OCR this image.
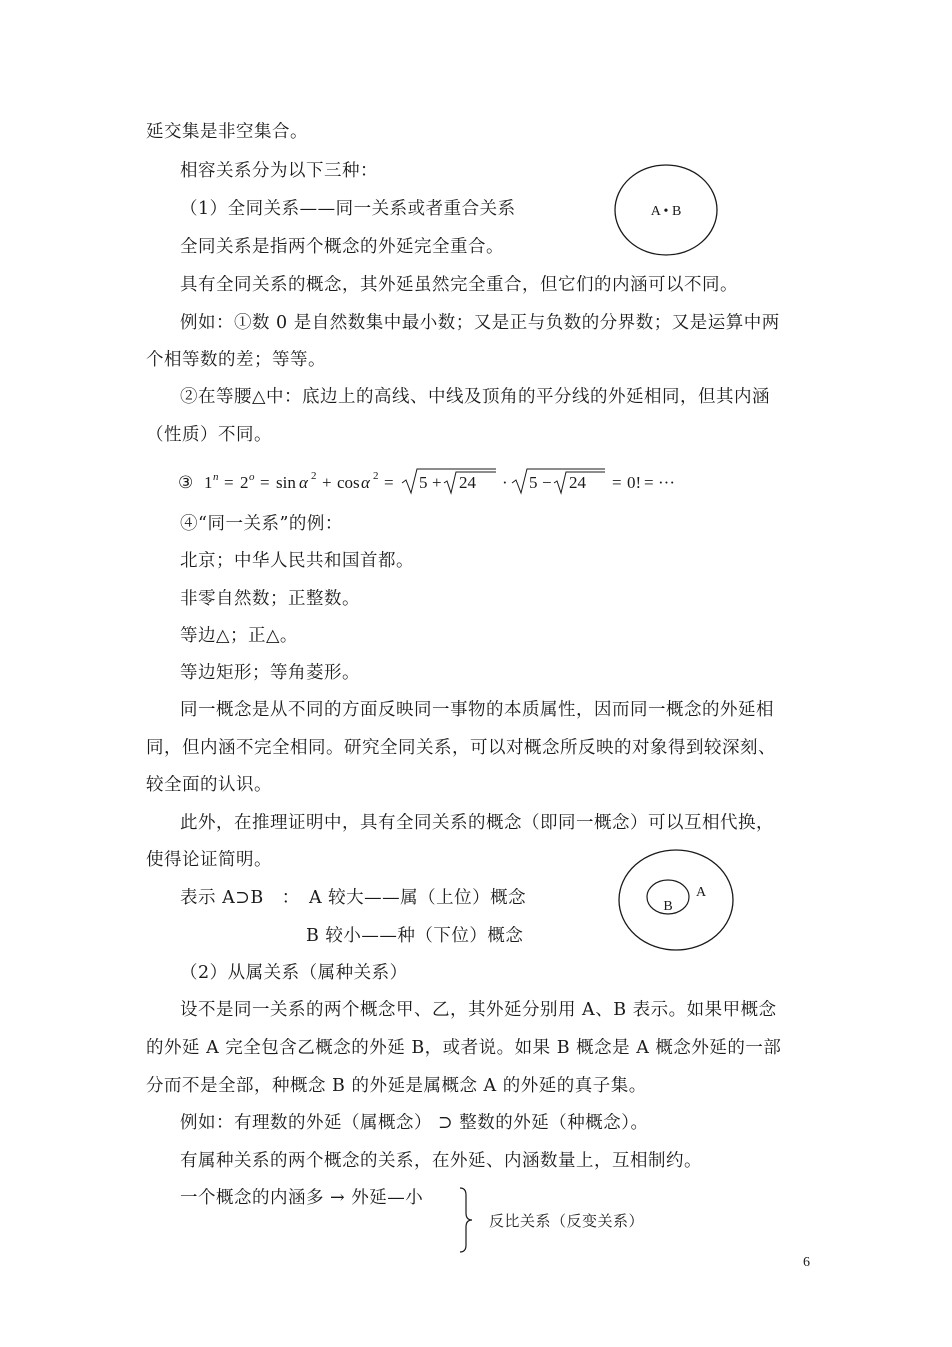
延交集是非空集合。
相容关系分为以下三种：
（1）全同关系——同一关系或者重合关系
全同关系是指两个概念的外延完全重合。
具有全同关系的概念，其外延虽然完全重合，但它们的内涵可以不同。
例如：①数 0 是自然数集中最小数；又是正与负数的分界数；又是运算中两
个相等数的差；等等。
②在等腰△中：底边上的高线、中线及顶角的平分线的外延相同，但其内涵
（性质）不同。
③ 1 n = 2 o = sin α 2 + cos α 2 = 5 + 24 · 5 − 24 = 0! = ···
④“同一关系”的例：
北京；中华人民共和国首都。
非零自然数；正整数。
等边△；正△。
等边矩形；等角菱形。
同一概念是从不同的方面反映同一事物的本质属性，因而同一概念的外延相
同，但内涵不完全相同。研究全同关系，可以对概念所反映的对象得到较深刻、
较全面的认识。
此外，在推理证明中，具有全同关系的概念（即同一概念）可以互相代换，
使得论证简明。
表示 A⊃B　：　A 较大——属（上位）概念
B 较小——种（下位）概念
（2）从属关系（属种关系）
设不是同一关系的两个概念甲、乙，其外延分别用 A、B 表示。如果甲概念
的外延 A 完全包含乙概念的外延 B，或者说。如果 B 概念是 A 概念外延的一部
分而不是全部，种概念 B 的外延是属概念 A 的外延的真子集。
例如：有理数的外延（属概念） ⊃ 整数的外延（种概念）。
有属种关系的两个概念的关系，在外延、内涵数量上，互相制约。
一个概念的内涵多 → 外延—小
A • B
B
A
反比关系（反变关系）
6
